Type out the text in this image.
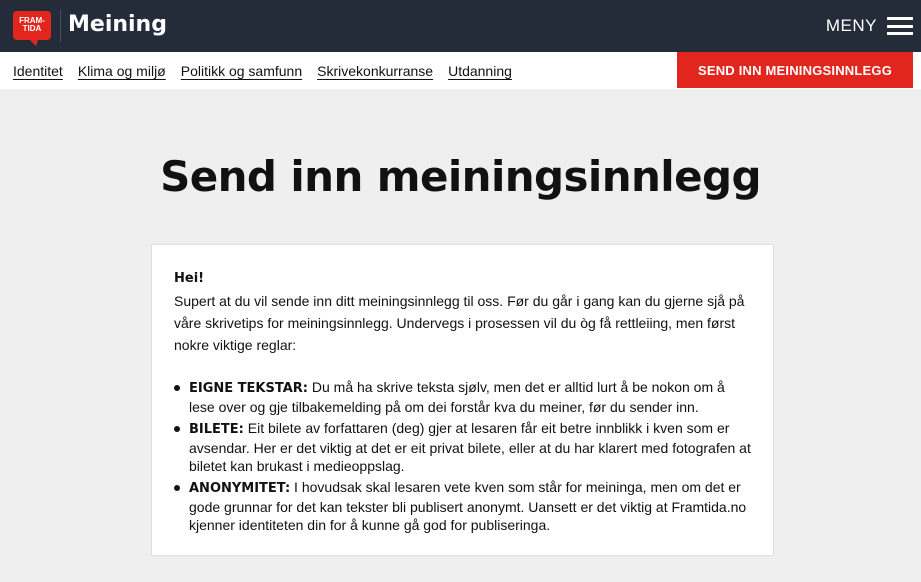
FRAM-
TIDA	Meining	MENY
Identitet Klima og miljø Politikk og samfunn Skrivekonkurranse Utdanning	SEND INN MEININGSINNLEGG
Send inn meiningsinnlegg

Hei!

Supert at du vil sende inn ditt meiningsinnlegg til oss. Før du går i gang kan du gjerne sjå på våre skrivetips for meiningsinnlegg. Undervegs i prosessen vil du òg få rettleiing, men først nokre viktige reglar:

EIGNE TEKSTAR: Du må ha skrive teksta sjølv, men det er alltid lurt å be nokon om å lese over og gje tilbakemelding på om dei forstår kva du meiner, før du sender inn.
BILETE: Eit bilete av forfattaren (deg) gjer at lesaren får eit betre innblikk i kven som er avsendar. Her er det viktig at det er eit privat bilete, eller at du har klarert med fotografen at biletet kan brukast i medieoppslag.
ANONYMITET: I hovudsak skal lesaren vete kven som står for meininga, men om det er gode grunnar for det kan tekster bli publisert anonymt. Uansett er det viktig at Framtida.no kjenner identiteten din for å kunne gå god for publiseringa.
